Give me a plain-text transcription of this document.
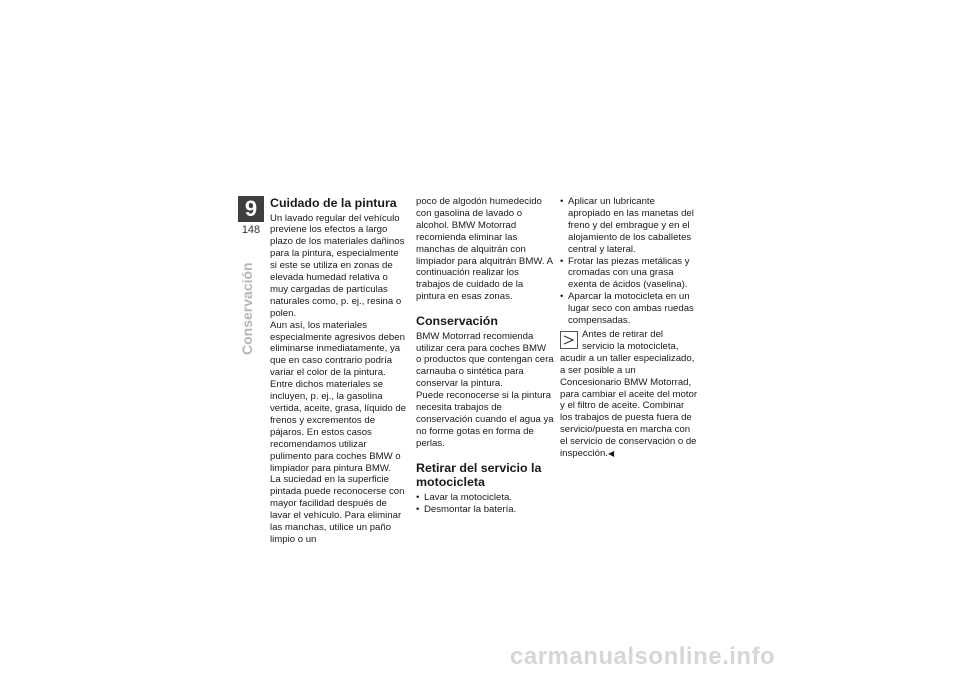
9
148
Conservación
Cuidado de la pintura

Un lavado regular del vehículo previene los efectos a largo plazo de los materiales dañinos para la pintura, especialmente si este se utiliza en zonas de elevada humedad relativa o muy cargadas de partículas naturales como, p. ej., resina o polen.

Aun así, los materiales especialmente agresivos deben eliminarse inmediatamente, ya que en caso contrario podría variar el color de la pintura. Entre dichos materiales se incluyen, p. ej., la gasolina vertida, aceite, grasa, líquido de frenos y excrementos de pájaros. En estos casos recomendamos utilizar pulimento para coches BMW o limpiador para pintura BMW.

La suciedad en la superficie pintada puede reconocerse con mayor facilidad después de lavar el vehículo. Para eliminar las manchas, utilice un paño limpio o un

poco de algodón humedecido con gasolina de lavado o alcohol. BMW Motorrad recomienda eliminar las manchas de alquitrán con limpiador para alquitrán BMW. A continuación realizar los trabajos de cuidado de la pintura en esas zonas.

Conservación

BMW Motorrad recomienda utilizar cera para coches BMW o productos que contengan cera carnauba o sintética para conservar la pintura.

Puede reconocerse si la pintura necesita trabajos de conservación cuando el agua ya no forme gotas en forma de perlas.

Retirar del servicio la motocicleta
• Lavar la motocicleta.
• Desmontar la batería.
• Aplicar un lubricante apropiado en las manetas del freno y del embrague y en el alojamiento de los caballetes central y lateral.
• Frotar las piezas metálicas y cromadas con una grasa exenta de ácidos (vaselina).
• Aparcar la motocicleta en un lugar seco con ambas ruedas compensadas.
Antes de retirar del servicio la motocicleta, acudir a un taller especializado, a ser posible a un Concesionario BMW Motorrad, para cambiar el aceite del motor y el filtro de aceite. Combinar los trabajos de puesta fuera de servicio/puesta en marcha con el servicio de conservación o de inspección.◀
carmanualsonline.info
